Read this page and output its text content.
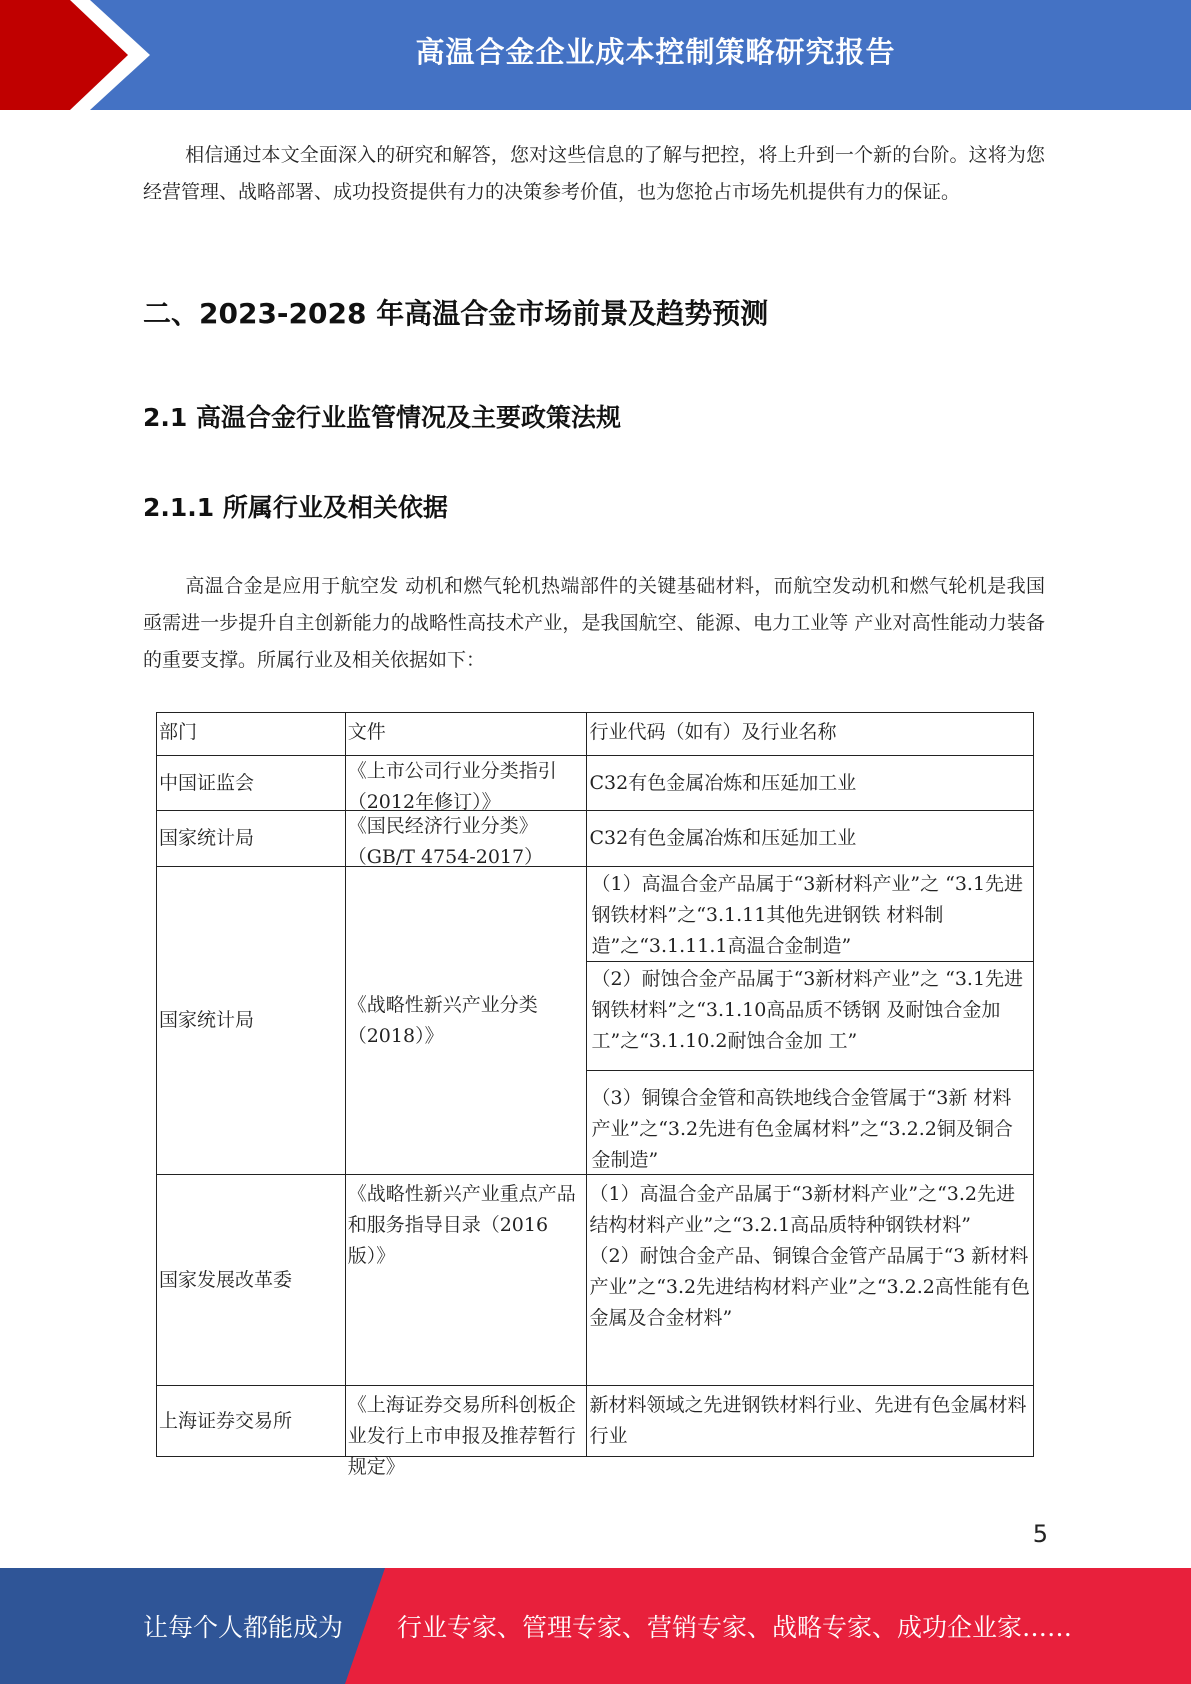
高温合金企业成本控制策略研究报告

相信通过本文全面深入的研究和解答，您对这些信息的了解与把控，将上升到一个新的台阶。这将为您经营管理、战略部署、成功投资提供有力的决策参考价值，也为您抢占市场先机提供有力的保证。

二、2023-2028 年高温合金市场前景及趋势预测
2.1 高温合金行业监管情况及主要政策法规
2.1.1 所属行业及相关依据

高温合金是应用于航空发 动机和燃气轮机热端部件的关键基础材料，而航空发动机和燃气轮机是我国亟需进一步提升自主创新能力的战略性高技术产业，是我国航空、能源、电力工业等 产业对高性能动力装备的重要支撑。所属行业及相关依据如下：

部门	文件	行业代码（如有）及行业名称
中国证监会	《上市公司行业分类指引（2012年修订）》	C32有色金属冶炼和压延加工业
国家统计局	《国民经济行业分类》（GB/T 4754-2017）	C32有色金属冶炼和压延加工业
国家统计局	《战略性新兴产业分类（2018）》	（1）高温合金产品属于“3新材料产业”之 “3.1先进钢铁材料”之“3.1.11其他先进钢铁 材料制造”之“3.1.11.1高温合金制造”
（2）耐蚀合金产品属于“3新材料产业”之 “3.1先进钢铁材料”之“3.1.10高品质不锈钢 及耐蚀合金加工”之“3.1.10.2耐蚀合金加 工”
（3）铜镍合金管和高铁地线合金管属于“3新 材料产业”之“3.2先进有色金属材料”之“3.2.2铜及铜合金制造”

国家发展改革委	《战略性新兴产业重点产品和服务指导目录（2016版）》	（1）高温合金产品属于“3新材料产业”之“3.2先进结构材料产业”之“3.2.1高品质特种钢铁材料”
（2）耐蚀合金产品、铜镍合金管产品属于“3 新材料产业”之“3.2先进结构材料产业”之“3.2.2高性能有色金属及合金材料”

上海证券交易所	《上海证券交易所科创板企业发行上市申报及推荐暂行规定》	新材料领域之先进钢铁材料行业、先进有色金属材料行业
5
让每个人都能成为 行业专家、管理专家、营销专家、战略专家、成功企业家……
